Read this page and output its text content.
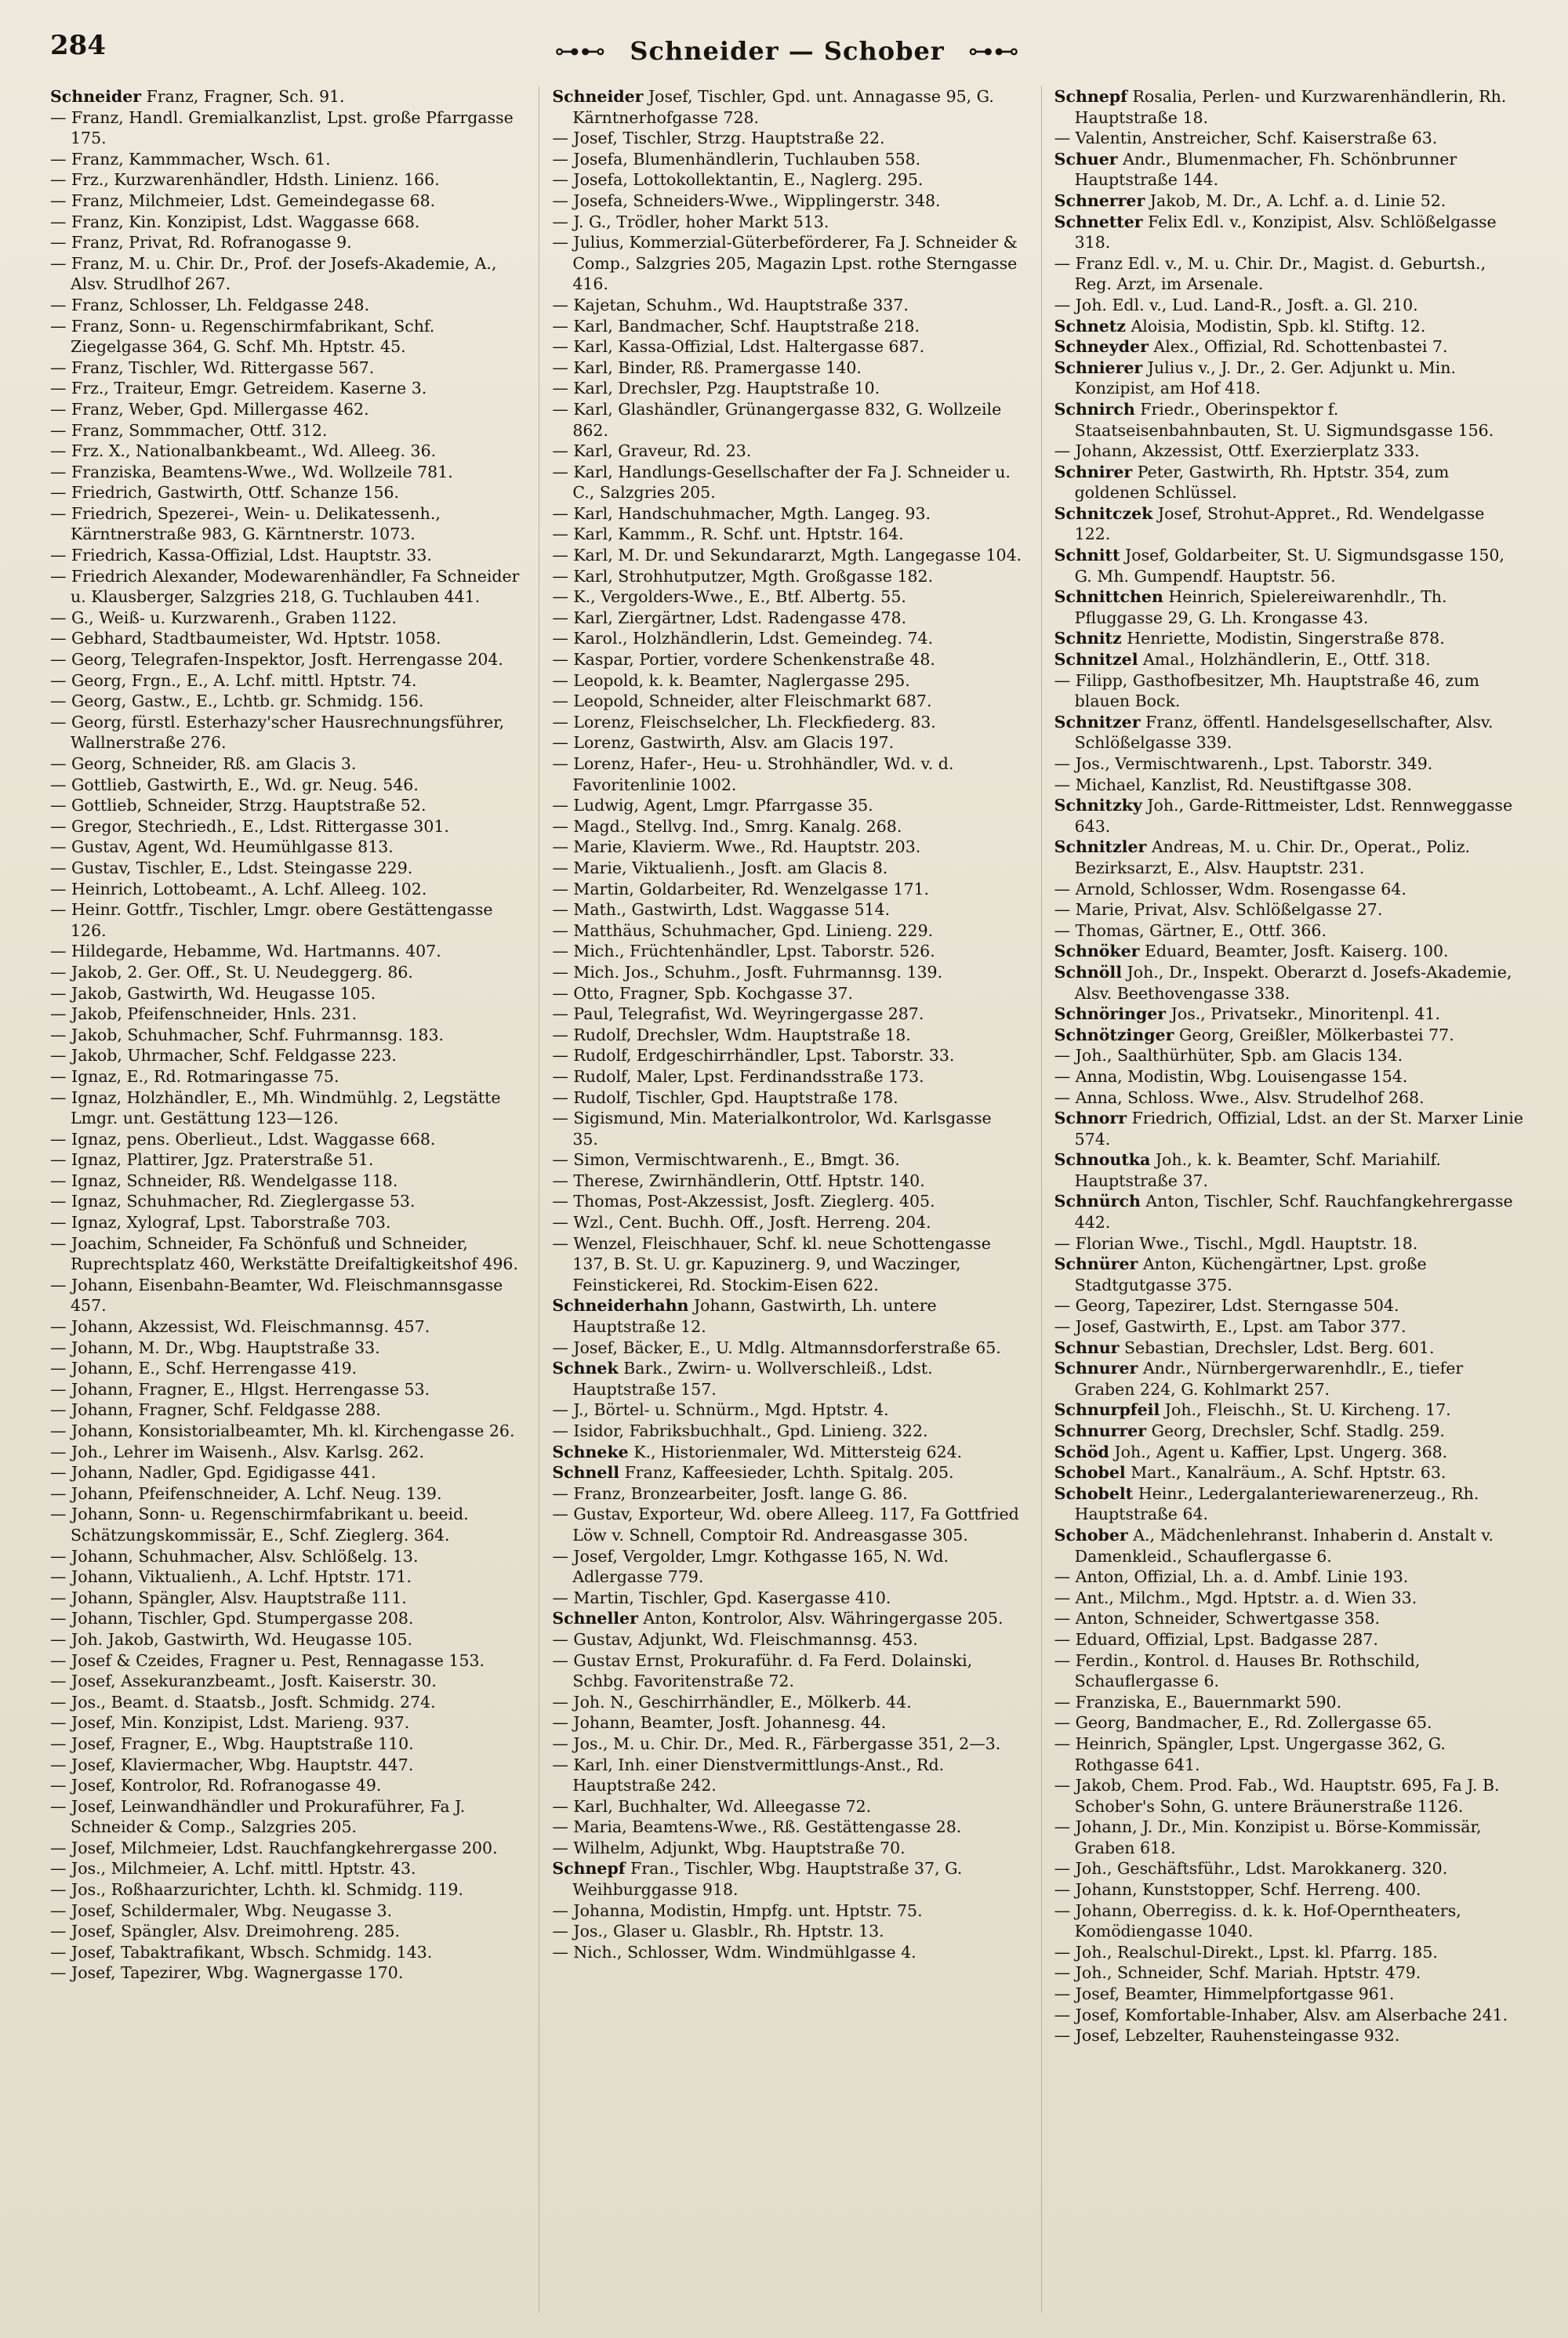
284	⊶⊷ Schneider — Schober ⊶⊷
Schneider Franz, Fragner, Sch. 91.
— Franz, Handl. Gremialkanzlist, Lpst. große Pfarrgasse 175.
— Franz, Kammmacher, Wsch. 61.
— Frz., Kurzwarenhändler, Hdsth. Linienz. 166.
— Franz, Milchmeier, Ldst. Gemeindegasse 68.
— Franz, Kin. Konzipist, Ldst. Waggasse 668.
— Franz, Privat, Rd. Rofranogasse 9.
— Franz, M. u. Chir. Dr., Prof. der Josefs-Akademie, A., Alsv. Strudlhof 267.
— Franz, Schlosser, Lh. Feldgasse 248.
— Franz, Sonn- u. Regenschirmfabrikant, Schf. Ziegelgasse 364, G. Schf. Mh. Hptstr. 45.
— Franz, Tischler, Wd. Rittergasse 567.
— Frz., Traiteur, Emgr. Getreidem. Kaserne 3.
— Franz, Weber, Gpd. Millergasse 462.
— Franz, Sommmacher, Ottf. 312.
— Frz. X., Nationalbankbeamt., Wd. Alleeg. 36.
— Franziska, Beamtens-Wwe., Wd. Wollzeile 781.
— Friedrich, Gastwirth, Ottf. Schanze 156.
— Friedrich, Spezerei-, Wein- u. Delikatessenh., Kärntnerstraße 983, G. Kärntnerstr. 1073.
— Friedrich, Kassa-Offizial, Ldst. Hauptstr. 33.
— Friedrich Alexander, Modewarenhändler, Fa Schneider u. Klausberger, Salzgries 218, G. Tuchlauben 441.
— G., Weiß- u. Kurzwarenh., Graben 1122.
— Gebhard, Stadtbaumeister, Wd. Hptstr. 1058.
— Georg, Telegrafen-Inspektor, Josft. Herrengasse 204.
— Georg, Frgn., E., A. Lchf. mittl. Hptstr. 74.
— Georg, Gastw., E., Lchtb. gr. Schmidg. 156.
— Georg, fürstl. Esterhazy'scher Hausrechnungsführer, Wallnerstraße 276.
— Georg, Schneider, Rß. am Glacis 3.
— Gottlieb, Gastwirth, E., Wd. gr. Neug. 546.
— Gottlieb, Schneider, Strzg. Hauptstraße 52.
— Gregor, Stechriedh., E., Ldst. Rittergasse 301.
— Gustav, Agent, Wd. Heumühlgasse 813.
— Gustav, Tischler, E., Ldst. Steingasse 229.
— Heinrich, Lottobeamt., A. Lchf. Alleeg. 102.
— Heinr. Gottfr., Tischler, Lmgr. obere Gestättengasse 126.
— Hildegarde, Hebamme, Wd. Hartmanns. 407.
— Jakob, 2. Ger. Off., St. U. Neudeggerg. 86.
— Jakob, Gastwirth, Wd. Heugasse 105.
— Jakob, Pfeifenschneider, Hnls. 231.
— Jakob, Schuhmacher, Schf. Fuhrmannsg. 183.
— Jakob, Uhrmacher, Schf. Feldgasse 223.
— Ignaz, E., Rd. Rotmaringasse 75.
— Ignaz, Holzhändler, E., Mh. Windmühlg. 2, Legstätte Lmgr. unt. Gestättung 123—126.
— Ignaz, pens. Oberlieut., Ldst. Waggasse 668.
— Ignaz, Plattirer, Jgz. Praterstraße 51.
— Ignaz, Schneider, Rß. Wendelgasse 118.
— Ignaz, Schuhmacher, Rd. Zieglergasse 53.
— Ignaz, Xylograf, Lpst. Taborstraße 703.
— Joachim, Schneider, Fa Schönfuß und Schneider, Ruprechtsplatz 460, Werkstätte Dreifaltigkeitshof 496.
— Johann, Eisenbahn-Beamter, Wd. Fleischmannsgasse 457.
— Johann, Akzessist, Wd. Fleischmannsg. 457.
— Johann, M. Dr., Wbg. Hauptstraße 33.
— Johann, E., Schf. Herrengasse 419.
— Johann, Fragner, E., Hlgst. Herrengasse 53.
— Johann, Fragner, Schf. Feldgasse 288.
— Johann, Konsistorialbeamter, Mh. kl. Kirchengasse 26.
— Joh., Lehrer im Waisenh., Alsv. Karlsg. 262.
— Johann, Nadler, Gpd. Egidigasse 441.
— Johann, Pfeifenschneider, A. Lchf. Neug. 139.
— Johann, Sonn- u. Regenschirmfabrikant u. beeid. Schätzungskommissär, E., Schf. Zieglerg. 364.
— Johann, Schuhmacher, Alsv. Schlößelg. 13.
— Johann, Viktualienh., A. Lchf. Hptstr. 171.
— Johann, Spängler, Alsv. Hauptstraße 111.
— Johann, Tischler, Gpd. Stumpergasse 208.
— Joh. Jakob, Gastwirth, Wd. Heugasse 105.
— Josef & Czeides, Fragner u. Pest, Rennagasse 153.
— Josef, Assekuranzbeamt., Josft. Kaiserstr. 30.
— Jos., Beamt. d. Staatsb., Josft. Schmidg. 274.
— Josef, Min. Konzipist, Ldst. Marieng. 937.
— Josef, Fragner, E., Wbg. Hauptstraße 110.
— Josef, Klaviermacher, Wbg. Hauptstr. 447.
— Josef, Kontrolor, Rd. Rofranogasse 49.
— Josef, Leinwandhändler und Prokuraführer, Fa J. Schneider & Comp., Salzgries 205.
— Josef, Milchmeier, Ldst. Rauchfangkehrergasse 200.
— Jos., Milchmeier, A. Lchf. mittl. Hptstr. 43.
— Jos., Roßhaarzurichter, Lchth. kl. Schmidg. 119.
— Josef, Schildermaler, Wbg. Neugasse 3.
— Josef, Spängler, Alsv. Dreimohreng. 285.
— Josef, Tabaktrafikant, Wbsch. Schmidg. 143.
— Josef, Tapezirer, Wbg. Wagnergasse 170.
Schneider Josef, Tischler, Gpd. unt. Annagasse 95, G. Kärntnerhofgasse 728.
— Josef, Tischler, Strzg. Hauptstraße 22.
— Josefa, Blumenhändlerin, Tuchlauben 558.
— Josefa, Lottokollektantin, E., Naglerg. 295.
— Josefa, Schneiders-Wwe., Wipplingerstr. 348.
— J. G., Trödler, hoher Markt 513.
— Julius, Kommerzial-Güterbeförderer, Fa J. Schneider & Comp., Salzgries 205, Magazin Lpst. rothe Sterngasse 416.
— Kajetan, Schuhm., Wd. Hauptstraße 337.
— Karl, Bandmacher, Schf. Hauptstraße 218.
— Karl, Kassa-Offizial, Ldst. Haltergasse 687.
— Karl, Binder, Rß. Pramergasse 140.
— Karl, Drechsler, Pzg. Hauptstraße 10.
— Karl, Glashändler, Grünangergasse 832, G. Wollzeile 862.
— Karl, Graveur, Rd. 23.
— Karl, Handlungs-Gesellschafter der Fa J. Schneider u. C., Salzgries 205.
— Karl, Handschuhmacher, Mgth. Langeg. 93.
— Karl, Kammm., R. Schf. unt. Hptstr. 164.
— Karl, M. Dr. und Sekundararzt, Mgth. Langegasse 104.
— Karl, Strohhutputzer, Mgth. Großgasse 182.
— K., Vergolders-Wwe., E., Btf. Albertg. 55.
— Karl, Ziergärtner, Ldst. Radengasse 478.
— Karol., Holzhändlerin, Ldst. Gemeindeg. 74.
— Kaspar, Portier, vordere Schenkenstraße 48.
— Leopold, k. k. Beamter, Naglergasse 295.
— Leopold, Schneider, alter Fleischmarkt 687.
— Lorenz, Fleischselcher, Lh. Fleckfiederg. 83.
— Lorenz, Gastwirth, Alsv. am Glacis 197.
— Lorenz, Hafer-, Heu- u. Strohhändler, Wd. v. d. Favoritenlinie 1002.
— Ludwig, Agent, Lmgr. Pfarrgasse 35.
— Magd., Stellvg. Ind., Smrg. Kanalg. 268.
— Marie, Klavierm. Wwe., Rd. Hauptstr. 203.
— Marie, Viktualienh., Josft. am Glacis 8.
— Martin, Goldarbeiter, Rd. Wenzelgasse 171.
— Math., Gastwirth, Ldst. Waggasse 514.
— Matthäus, Schuhmacher, Gpd. Linieng. 229.
— Mich., Früchtenhändler, Lpst. Taborstr. 526.
— Mich. Jos., Schuhm., Josft. Fuhrmannsg. 139.
— Otto, Fragner, Spb. Kochgasse 37.
— Paul, Telegrafist, Wd. Weyringergasse 287.
— Rudolf, Drechsler, Wdm. Hauptstraße 18.
— Rudolf, Erdgeschirrhändler, Lpst. Taborstr. 33.
— Rudolf, Maler, Lpst. Ferdinandsstraße 173.
— Rudolf, Tischler, Gpd. Hauptstraße 178.
— Sigismund, Min. Materialkontrolor, Wd. Karlsgasse 35.
— Simon, Vermischtwarenh., E., Bmgt. 36.
— Therese, Zwirnhändlerin, Ottf. Hptstr. 140.
— Thomas, Post-Akzessist, Josft. Zieglerg. 405.
— Wzl., Cent. Buchh. Off., Josft. Herreng. 204.
— Wenzel, Fleischhauer, Schf. kl. neue Schottengasse 137, B. St. U. gr. Kapuzinerg. 9, und Waczinger, Feinstickerei, Rd. Stockim-Eisen 622.
Schneiderhahn Johann, Gastwirth, Lh. untere Hauptstraße 12.
— Josef, Bäcker, E., U. Mdlg. Altmannsdorferstraße 65.
Schnek Bark., Zwirn- u. Wollverschleiß., Ldst. Hauptstraße 157.
— J., Börtel- u. Schnürm., Mgd. Hptstr. 4.
— Isidor, Fabriksbuchhalt., Gpd. Linieng. 322.
Schneke K., Historienmaler, Wd. Mittersteig 624.
Schnell Franz, Kaffeesieder, Lchth. Spitalg. 205.
— Franz, Bronzearbeiter, Josft. lange G. 86.
— Gustav, Exporteur, Wd. obere Alleeg. 117, Fa Gottfried Löw v. Schnell, Comptoir Rd. Andreasgasse 305.
— Josef, Vergolder, Lmgr. Kothgasse 165, N. Wd. Adlergasse 779.
— Martin, Tischler, Gpd. Kasergasse 410.
Schneller Anton, Kontrolor, Alsv. Währingergasse 205.
— Gustav, Adjunkt, Wd. Fleischmannsg. 453.
— Gustav Ernst, Prokuraführ. d. Fa Ferd. Dolainski, Schbg. Favoritenstraße 72.
— Joh. N., Geschirrhändler, E., Mölkerb. 44.
— Johann, Beamter, Josft. Johannesg. 44.
— Jos., M. u. Chir. Dr., Med. R., Färbergasse 351, 2—3.
— Karl, Inh. einer Dienstvermittlungs-Anst., Rd. Hauptstraße 242.
— Karl, Buchhalter, Wd. Alleegasse 72.
— Maria, Beamtens-Wwe., Rß. Gestättengasse 28.
— Wilhelm, Adjunkt, Wbg. Hauptstraße 70.
Schnepf Fran., Tischler, Wbg. Hauptstraße 37, G. Weihburggasse 918.
— Johanna, Modistin, Hmpfg. unt. Hptstr. 75.
— Jos., Glaser u. Glasblr., Rh. Hptstr. 13.
— Nich., Schlosser, Wdm. Windmühlgasse 4.
Schnepf Rosalia, Perlen- und Kurzwarenhändlerin, Rh. Hauptstraße 18.
— Valentin, Anstreicher, Schf. Kaiserstraße 63.
Schuer Andr., Blumenmacher, Fh. Schönbrunner Hauptstraße 144.
Schnerrer Jakob, M. Dr., A. Lchf. a. d. Linie 52.
Schnetter Felix Edl. v., Konzipist, Alsv. Schlößelgasse 318.
— Franz Edl. v., M. u. Chir. Dr., Magist. d. Geburtsh., Reg. Arzt, im Arsenale.
— Joh. Edl. v., Lud. Land-R., Josft. a. Gl. 210.
Schnetz Aloisia, Modistin, Spb. kl. Stiftg. 12.
Schneyder Alex., Offizial, Rd. Schottenbastei 7.
Schnierer Julius v., J. Dr., 2. Ger. Adjunkt u. Min. Konzipist, am Hof 418.
Schnirch Friedr., Oberinspektor f. Staatseisenbahnbauten, St. U. Sigmundsgasse 156.
— Johann, Akzessist, Ottf. Exerzierplatz 333.
Schnirer Peter, Gastwirth, Rh. Hptstr. 354, zum goldenen Schlüssel.
Schnitczek Josef, Strohut-Appret., Rd. Wendelgasse 122.
Schnitt Josef, Goldarbeiter, St. U. Sigmundsgasse 150, G. Mh. Gumpendf. Hauptstr. 56.
Schnittchen Heinrich, Spielereiwarenhdlr., Th. Pfluggasse 29, G. Lh. Krongasse 43.
Schnitz Henriette, Modistin, Singerstraße 878.
Schnitzel Amal., Holzhändlerin, E., Ottf. 318.
— Filipp, Gasthofbesitzer, Mh. Hauptstraße 46, zum blauen Bock.
Schnitzer Franz, öffentl. Handelsgesellschafter, Alsv. Schlößelgasse 339.
— Jos., Vermischtwarenh., Lpst. Taborstr. 349.
— Michael, Kanzlist, Rd. Neustiftgasse 308.
Schnitzky Joh., Garde-Rittmeister, Ldst. Rennweggasse 643.
Schnitzler Andreas, M. u. Chir. Dr., Operat., Poliz. Bezirksarzt, E., Alsv. Hauptstr. 231.
— Arnold, Schlosser, Wdm. Rosengasse 64.
— Marie, Privat, Alsv. Schlößelgasse 27.
— Thomas, Gärtner, E., Ottf. 366.
Schnöker Eduard, Beamter, Josft. Kaiserg. 100.
Schnöll Joh., Dr., Inspekt. Oberarzt d. Josefs-Akademie, Alsv. Beethovengasse 338.
Schnöringer Jos., Privatsekr., Minoritenpl. 41.
Schnötzinger Georg, Greißler, Mölkerbastei 77.
— Joh., Saalthürhüter, Spb. am Glacis 134.
— Anna, Modistin, Wbg. Louisengasse 154.
— Anna, Schloss. Wwe., Alsv. Strudelhof 268.
Schnorr Friedrich, Offizial, Ldst. an der St. Marxer Linie 574.
Schnoutka Joh., k. k. Beamter, Schf. Mariahilf. Hauptstraße 37.
Schnürch Anton, Tischler, Schf. Rauchfangkehrergasse 442.
— Florian Wwe., Tischl., Mgdl. Hauptstr. 18.
Schnürer Anton, Küchengärtner, Lpst. große Stadtgutgasse 375.
— Georg, Tapezirer, Ldst. Sterngasse 504.
— Josef, Gastwirth, E., Lpst. am Tabor 377.
Schnur Sebastian, Drechsler, Ldst. Berg. 601.
Schnurer Andr., Nürnbergerwarenhdlr., E., tiefer Graben 224, G. Kohlmarkt 257.
Schnurpfeil Joh., Fleischh., St. U. Kircheng. 17.
Schnurrer Georg, Drechsler, Schf. Stadlg. 259.
Schöd Joh., Agent u. Kaffier, Lpst. Ungerg. 368.
Schobel Mart., Kanalräum., A. Schf. Hptstr. 63.
Schobelt Heinr., Ledergalanteriewarenerzeug., Rh. Hauptstraße 64.
Schober A., Mädchenlehranst. Inhaberin d. Anstalt v. Damenkleid., Schauflergasse 6.
— Anton, Offizial, Lh. a. d. Ambf. Linie 193.
— Ant., Milchm., Mgd. Hptstr. a. d. Wien 33.
— Anton, Schneider, Schwertgasse 358.
— Eduard, Offizial, Lpst. Badgasse 287.
— Ferdin., Kontrol. d. Hauses Br. Rothschild, Schauflergasse 6.
— Franziska, E., Bauernmarkt 590.
— Georg, Bandmacher, E., Rd. Zollergasse 65.
— Heinrich, Spängler, Lpst. Ungergasse 362, G. Rothgasse 641.
— Jakob, Chem. Prod. Fab., Wd. Hauptstr. 695, Fa J. B. Schober's Sohn, G. untere Bräunerstraße 1126.
— Johann, J. Dr., Min. Konzipist u. Börse-Kommissär, Graben 618.
— Joh., Geschäftsführ., Ldst. Marokkanerg. 320.
— Johann, Kunststopper, Schf. Herreng. 400.
— Johann, Oberregiss. d. k. k. Hof-Operntheaters, Komödiengasse 1040.
— Joh., Realschul-Direkt., Lpst. kl. Pfarrg. 185.
— Joh., Schneider, Schf. Mariah. Hptstr. 479.
— Josef, Beamter, Himmelpfortgasse 961.
— Josef, Komfortable-Inhaber, Alsv. am Alserbache 241.
— Josef, Lebzelter, Rauhensteingasse 932.
